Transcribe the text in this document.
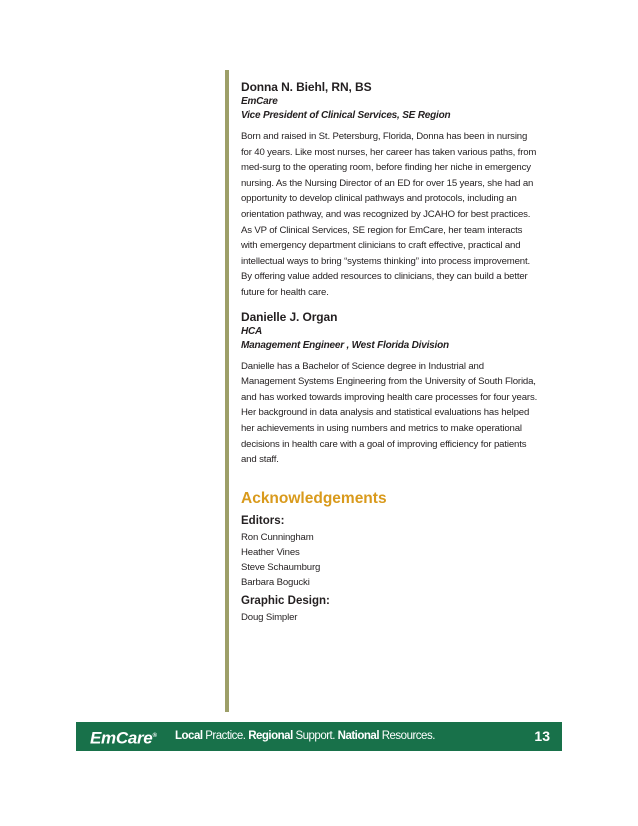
Donna N. Biehl, RN, BS

EmCare

Vice President of Clinical Services, SE Region

Born and raised in St. Petersburg, Florida, Donna has been in nursing
for 40 years. Like most nurses, her career has taken various paths, from
med-surg to the operating room, before finding her niche in emergency
nursing. As the Nursing Director of an ED for over 15 years, she had an
opportunity to develop clinical pathways and protocols, including an
orientation pathway, and was recognized by JCAHO for best practices.
As VP of Clinical Services, SE region for EmCare, her team interacts
with emergency department clinicians to craft effective, practical and
intellectual ways to bring “systems thinking” into process improvement.
By offering value added resources to clinicians, they can build a better
future for health care.

Danielle J. Organ

HCA

Management Engineer , West Florida Division

Danielle has a Bachelor of Science degree in Industrial and
Management Systems Engineering from the University of South Florida,
and has worked towards improving health care processes for four years.
Her background in data analysis and statistical evaluations has helped
her achievements in using numbers and metrics to make operational
decisions in health care with a goal of improving efficiency for patients
and staff.

Acknowledgements

Editors:

Ron Cunningham
Heather Vines
Steve Schaumburg
Barbara Bogucki

Graphic Design:

Doug Simpler
EmCare® Local Practice. Regional Support. National Resources.	13
